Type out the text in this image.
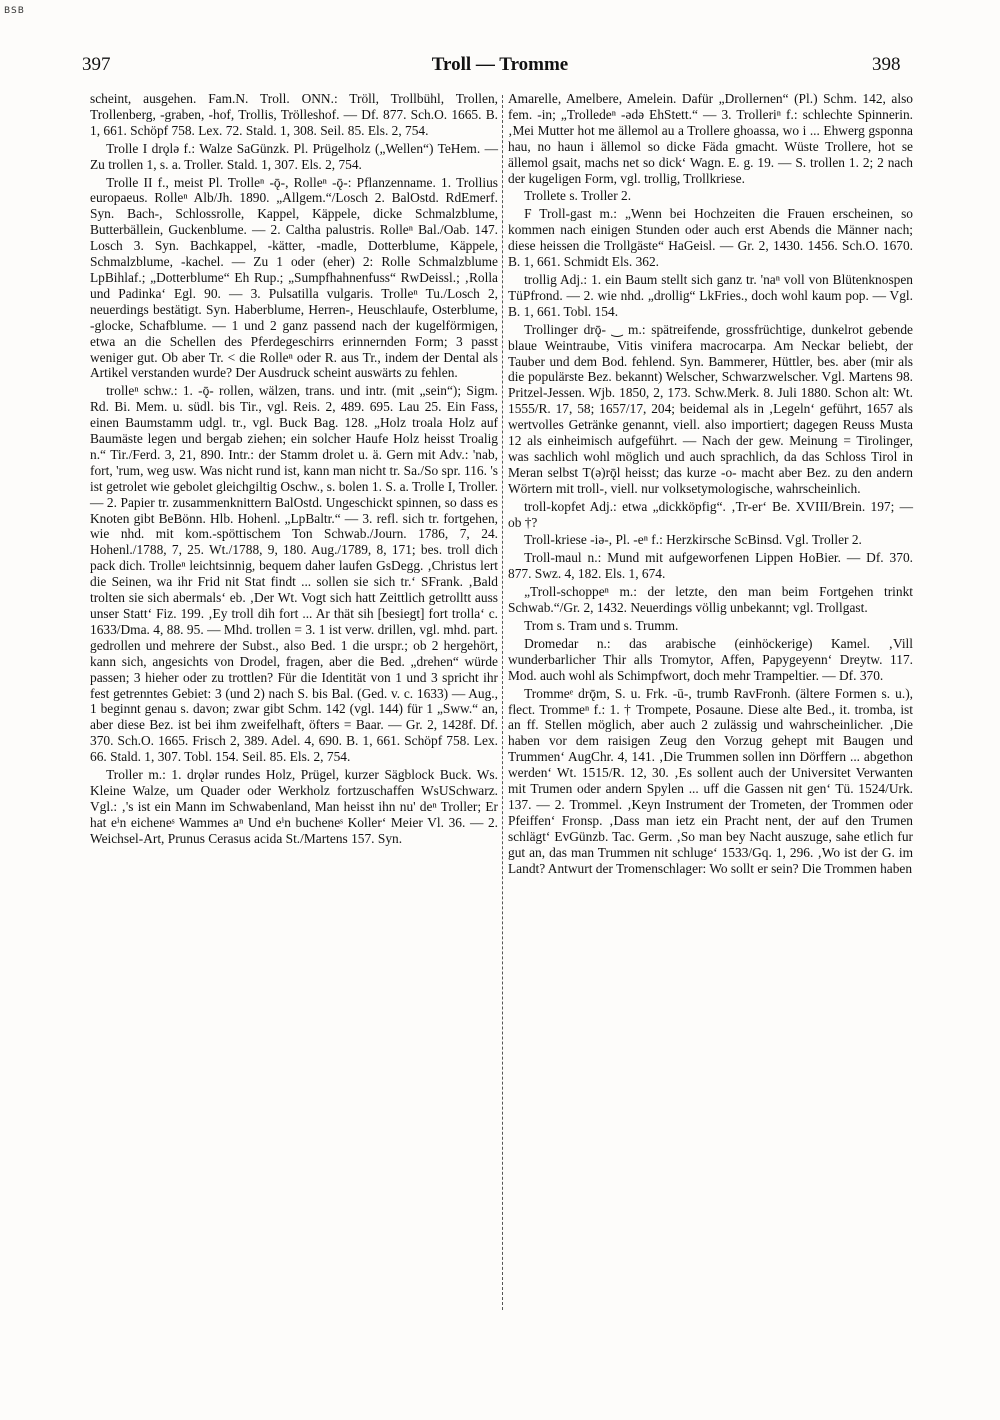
BSB
397	Troll — Tromme	398

scheint, ausgehen. Fam.N. Troll. ONN.: Tröll, Trollbühl, Trollen, Trollenberg, -graben, -hof, Trollis, Trölleshof. — Df. 877. Sch.O. 1665. B. 1, 661. Schöpf 758. Lex. 72. Stald. 1, 308. Seil. 85. Els. 2, 754.

Trolle I drǫlə f.: Walze SaGünzk. Pl. Prügelholz („Wellen“) TeHem. — Zu trollen 1, s. a. Troller. Stald. 1, 307. Els. 2, 754.

Trolle II f., meist Pl. Trolleⁿ -ǭ-, Rolleⁿ -ǭ-: Pflanzenname. 1. Trollius europaeus. Rolleⁿ Alb/Jh. 1890. „Allgem.“/Losch 2. BalOstd. RdEmerf. Syn. Bach-, Schlossrolle, Kappel, Käppele, dicke Schmalzblume, Butterbällein, Guckenblume. — 2. Caltha palustris. Rolleⁿ Bal./Oab. 147. Losch 3. Syn. Bachkappel, -kätter, -madle, Dotterblume, Käppele, Schmalzblume, -kachel. — Zu 1 oder (eher) 2: Rolle Schmalzblume LpBihlaf.; „Dotterblume“ Eh Rup.; „Sumpfhahnenfuss“ RwDeissl.; ‚Rolla und Padinka‘ Egl. 90. — 3. Pulsatilla vulgaris. Trolleⁿ Tu./Losch 2, neuerdings bestätigt. Syn. Haberblume, Herren-, Heuschlaufe, Osterblume, -glocke, Schafblume. — 1 und 2 ganz passend nach der kugelförmigen, etwa an die Schellen des Pferdegeschirrs erinnernden Form; 3 passt weniger gut. Ob aber Tr. < die Rolleⁿ oder R. aus Tr., indem der Dental als Artikel verstanden wurde? Der Ausdruck scheint auswärts zu fehlen.

trolleⁿ schw.: 1. -ǭ- rollen, wälzen, trans. und intr. (mit „sein“); Sigm. Rd. Bi. Mem. u. südl. bis Tir., vgl. Reis. 2, 489. 695. Lau 25. Ein Fass, einen Baumstamm udgl. tr., vgl. Buck Bag. 128. „Holz troala Holz auf Baumäste legen und bergab ziehen; ein solcher Haufe Holz heisst Troalig n.“ Tir./Ferd. 3, 21, 890. Intr.: der Stamm drolet u. ä. Gern mit Adv.: 'nab, fort, 'rum, weg usw. Was nicht rund ist, kann man nicht tr. Sa./So spr. 116. 's ist getrolet wie gebolet gleichgiltig Oschw., s. bolen 1. S. a. Trolle I, Troller. — 2. Papier tr. zusammenknittern BalOstd. Ungeschickt spinnen, so dass es Knoten gibt BeBönn. Hlb. Hohenl. „LpBaltr.“ — 3. refl. sich tr. fortgehen, wie nhd. mit kom.-spöttischem Ton Schwab./Journ. 1786, 7, 24. Hohenl./1788, 7, 25. Wt./1788, 9, 180. Aug./1789, 8, 171; bes. troll dich pack dich. Trolleⁿ leichtsinnig, bequem daher laufen GsDegg. ‚Christus lert die Seinen, wa ihr Frid nit Stat findt ... sollen sie sich tr.‘ SFrank. ‚Bald trolten sie sich abermals‘ eb. ‚Der Wt. Vogt sich hatt Zeittlich getrolltt auss unser Statt‘ Fiz. 199. ‚Ey troll dih fort ... Ar thät sih [besiegt] fort trolla‘ c. 1633/Dma. 4, 88. 95. — Mhd. trollen = 3. 1 ist verw. drillen, vgl. mhd. part. gedrollen und mehrere der Subst., also Bed. 1 die urspr.; ob 2 hergehört, kann sich, angesichts von Drodel, fragen, aber die Bed. „drehen“ würde passen; 3 hieher oder zu trottlen? Für die Identität von 1 und 3 spricht ihr fest getrenntes Gebiet: 3 (und 2) nach S. bis Bal. (Ged. v. c. 1633) — Aug., 1 beginnt genau s. davon; zwar gibt Schm. 142 (vgl. 144) für 1 „Sww.“ an, aber diese Bez. ist bei ihm zweifelhaft, öfters = Baar. — Gr. 2, 1428f. Df. 370. Sch.O. 1665. Frisch 2, 389. Adel. 4, 690. B. 1, 661. Schöpf 758. Lex. 66. Stald. 1, 307. Tobl. 154. Seil. 85. Els. 2, 754.

Troller m.: 1. drǫlər rundes Holz, Prügel, kurzer Sägblock Buck. Ws. Kleine Walze, um Quader oder Werkholz fortzuschaffen WsUSchwarz. Vgl.: ‚'s ist ein Mann im Schwabenland, Man heisst ihn nu' deⁿ Troller; Er hat eⁱn eicheneˢ Wammes aⁿ Und eⁱn bucheneˢ Koller‘ Meier Vl. 36. — 2. Weichsel-Art, Prunus Cerasus acida St./Martens 157. Syn.

Amarelle, Amelbere, Amelein. Dafür „Drollernen“ (Pl.) Schm. 142, also fem. -in; „Trolledeⁿ -ədə EhStett.“ — 3. Trolleriⁿ f.: schlechte Spinnerin. ‚Mei Mutter hot me ällemol au a Trollere ghoassa, wo i ... Ehwerg gsponna hau, no haun i ällemol so dicke Fäda gmacht. Wüste Trollere, hot se ällemol gsait, machs net so dick‘ Wagn. E. g. 19. — S. trollen 1. 2; 2 nach der kugeligen Form, vgl. trollig, Trollkriese.

Trollete s. Troller 2.

F Troll-gast m.: „Wenn bei Hochzeiten die Frauen erscheinen, so kommen nach einigen Stunden oder auch erst Abends die Männer nach; diese heissen die Trollgäste“ HaGeisl. — Gr. 2, 1430. 1456. Sch.O. 1670. B. 1, 661. Schmidt Els. 362.

trollig Adj.: 1. ein Baum stellt sich ganz tr. 'naⁿ voll von Blütenknospen TüPfrond. — 2. wie nhd. „drollig“ LkFries., doch wohl kaum pop. — Vgl. B. 1, 661. Tobl. 154.

Trollinger drǭ- ‿ m.: spätreifende, grossfrüchtige, dunkelrot gebende blaue Weintraube, Vitis vinifera macrocarpa. Am Neckar beliebt, der Tauber und dem Bod. fehlend. Syn. Bammerer, Hüttler, bes. aber (mir als die populärste Bez. bekannt) Welscher, Schwarzwelscher. Vgl. Martens 98. Pritzel-Jessen. Wjb. 1850, 2, 173. Schw.Merk. 8. Juli 1880. Schon alt: Wt. 1555/R. 17, 58; 1657/17, 204; beidemal als in ‚Legeln‘ geführt, 1657 als wertvolles Getränke genannt, viell. also importiert; dagegen Reuss Musta 12 als einheimisch aufgeführt. — Nach der gew. Meinung = Tirolinger, was sachlich wohl möglich und auch sprachlich, da das Schloss Tirol in Meran selbst T(ə)rǭl heisst; das kurze -o- macht aber Bez. zu den andern Wörtern mit troll-, viell. nur volksetymologische, wahrscheinlich.

troll-kopfet Adj.: etwa „dickköpfig“. ‚Tr-er‘ Be. XVIII/Brein. 197; — ob †?

Troll-kriese -iə-, Pl. -eⁿ f.: Herzkirsche ScBinsd. Vgl. Troller 2.

Troll-maul n.: Mund mit aufgeworfenen Lippen HoBier. — Df. 370. 877. Swz. 4, 182. Els. 1, 674.

„Troll-schoppeⁿ m.: der letzte, den man beim Fortgehen trinkt Schwab.“/Gr. 2, 1432. Neuerdings völlig unbekannt; vgl. Trollgast.

Trom s. Tram und s. Trumm.

Dromedar n.: das arabische (einhöckerige) Kamel. ‚Vill wunderbarlicher Thir alls Tromytor, Affen, Papygeyenn‘ Dreytw. 117. Mod. auch wohl als Schimpfwort, doch mehr Trampeltier. — Df. 370.

Trommeᵉ drǭm, S. u. Frk. -ū-, trumb RavFronh. (ältere Formen s. u.), flect. Trommeⁿ f.: 1. † Trompete, Posaune. Diese alte Bed., it. tromba, ist an ff. Stellen möglich, aber auch 2 zulässig und wahrscheinlicher. ‚Die haben vor dem raisigen Zeug den Vorzug gehept mit Baugen und Trummen‘ AugChr. 4, 141. ‚Die Trummen sollen inn Dörffern ... abgethon werden‘ Wt. 1515/R. 12, 30. ‚Es sollent auch der Universitet Verwanten mit Trumen oder andern Spylen ... uff die Gassen nit gen‘ Tü. 1524/Urk. 137. — 2. Trommel. ‚Keyn Instrument der Trometen, der Trommen oder Pfeiffen‘ Fronsp. ‚Dass man ietz ein Pracht nent, der auf den Trumen schlägt‘ EvGünzb. Tac. Germ. ‚So man bey Nacht auszuge, sahe etlich fur gut an, das man Trummen nit schluge‘ 1533/Gq. 1, 296. ‚Wo ist der G. im Landt? Antwurt der Tromenschlager: Wo sollt er sein? Die Trommen haben
